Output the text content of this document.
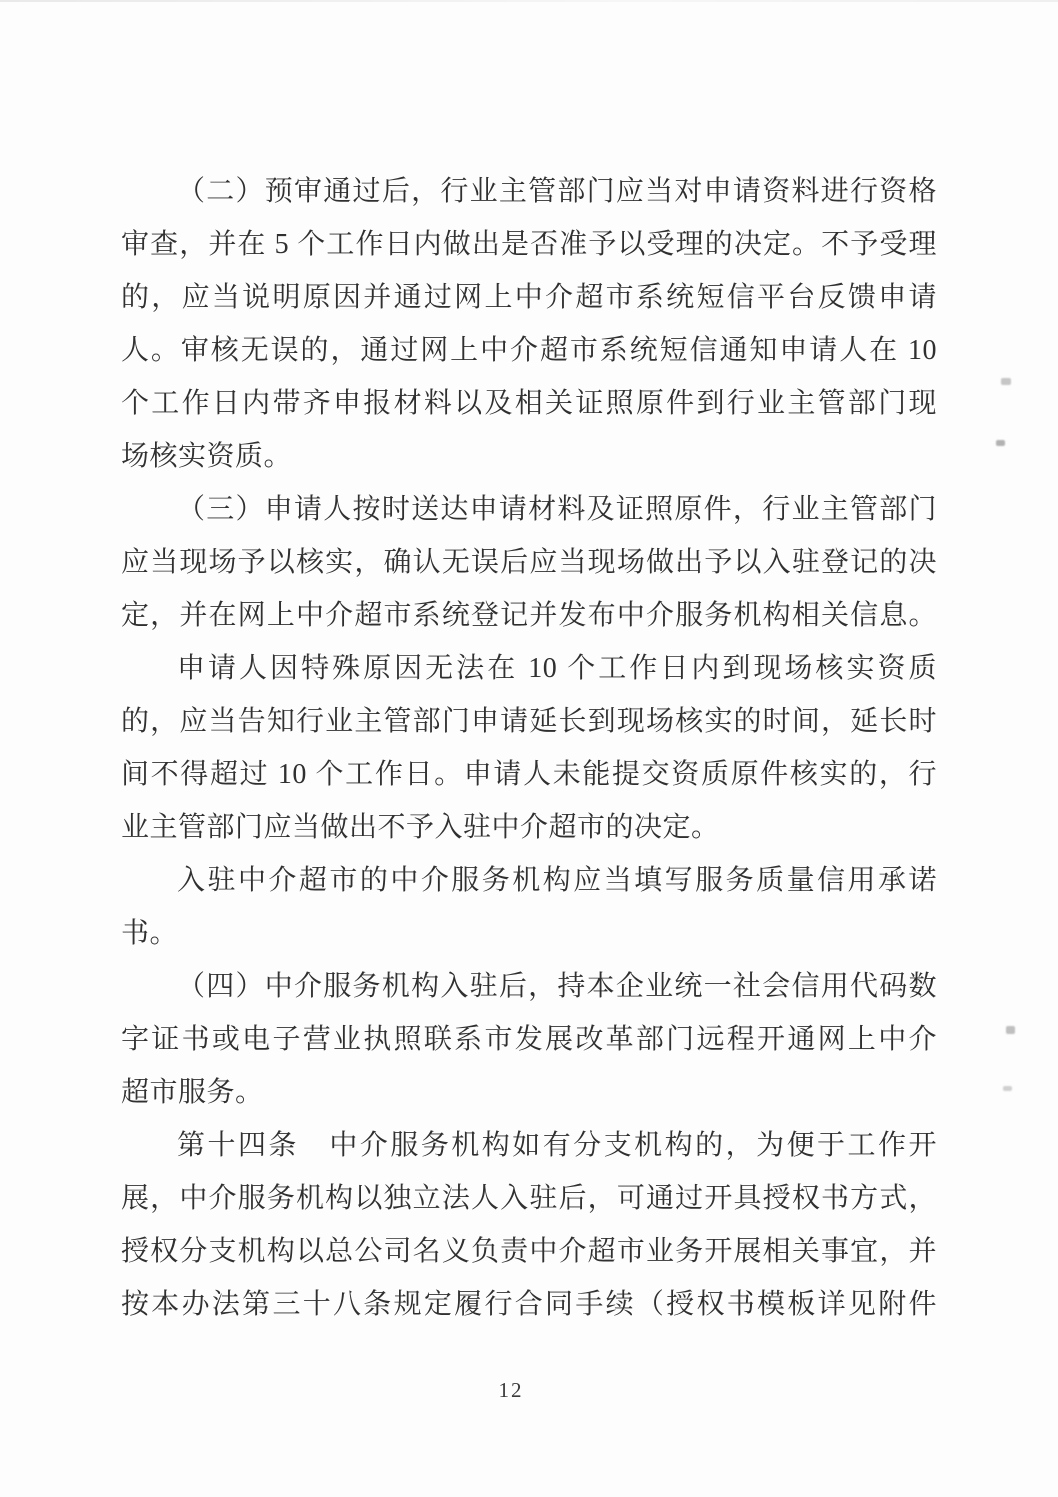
（二）预审通过后，行业主管部门应当对申请资料进行资格
审查，并在 5 个工作日内做出是否准予以受理的决定。不予受理
的，应当说明原因并通过网上中介超市系统短信平台反馈申请
人。审核无误的，通过网上中介超市系统短信通知申请人在 10
个工作日内带齐申报材料以及相关证照原件到行业主管部门现
场核实资质。
（三）申请人按时送达申请材料及证照原件，行业主管部门
应当现场予以核实，确认无误后应当现场做出予以入驻登记的决
定，并在网上中介超市系统登记并发布中介服务机构相关信息。
申请人因特殊原因无法在 10 个工作日内到现场核实资质
的，应当告知行业主管部门申请延长到现场核实的时间，延长时
间不得超过 10 个工作日。申请人未能提交资质原件核实的，行
业主管部门应当做出不予入驻中介超市的决定。
入驻中介超市的中介服务机构应当填写服务质量信用承诺
书。
（四）中介服务机构入驻后，持本企业统一社会信用代码数
字证书或电子营业执照联系市发展改革部门远程开通网上中介
超市服务。
第十四条　中介服务机构如有分支机构的，为便于工作开
展，中介服务机构以独立法人入驻后，可通过开具授权书方式，
授权分支机构以总公司名义负责中介超市业务开展相关事宜，并
按本办法第三十八条规定履行合同手续（授权书模板详见附件
12
